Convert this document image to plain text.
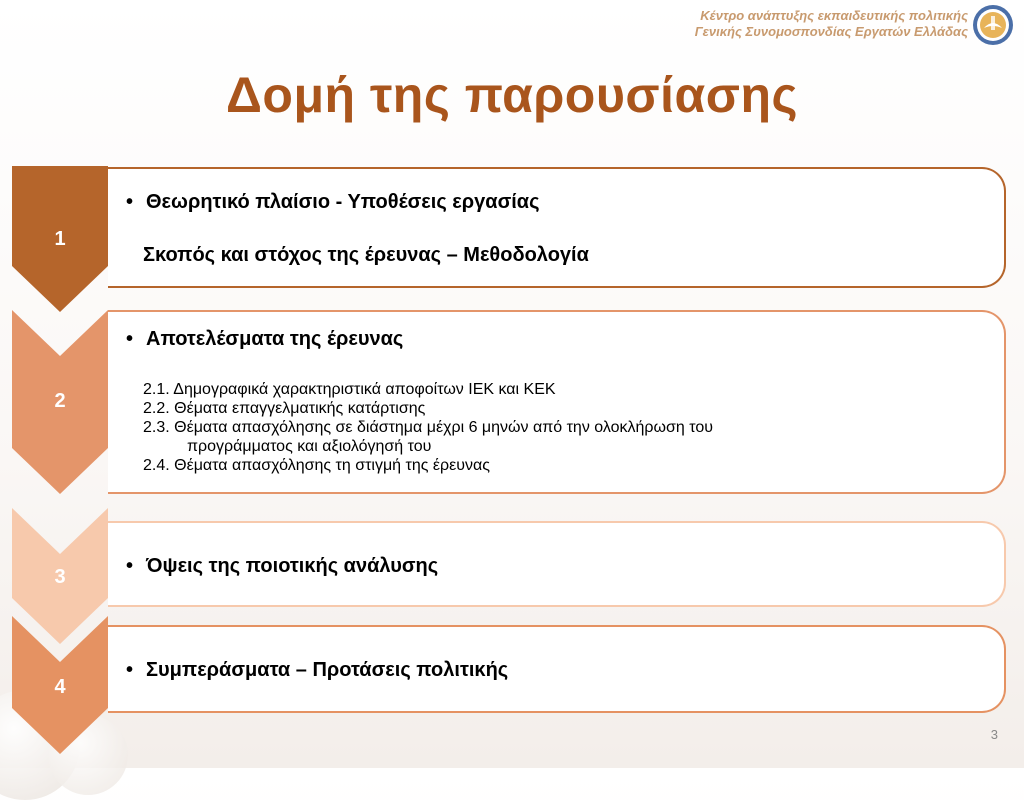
Κέντρο ανάπτυξης εκπαιδευτικής πολιτικής
Γενικής Συνομοσπονδίας Εργατών Ελλάδας
Δομή της παρουσίασης
1
• Θεωρητικό πλαίσιο - Υποθέσεις εργασίας
Σκοπός και στόχος της έρευνας – Μεθοδολογία
2
• Αποτελέσματα της έρευνας
2.1. Δημογραφικά χαρακτηριστικά αποφοίτων ΙΕΚ και ΚΕΚ
2.2. Θέματα επαγγελματικής κατάρτισης
2.3. Θέματα απασχόλησης σε διάστημα μέχρι 6 μηνών από την ολοκλήρωση του
προγράμματος και αξιολόγησή του
2.4. Θέματα απασχόλησης τη στιγμή της έρευνας
3	• Όψεις της ποιοτικής ανάλυσης
4
• Συμπεράσματα – Προτάσεις πολιτικής
3
